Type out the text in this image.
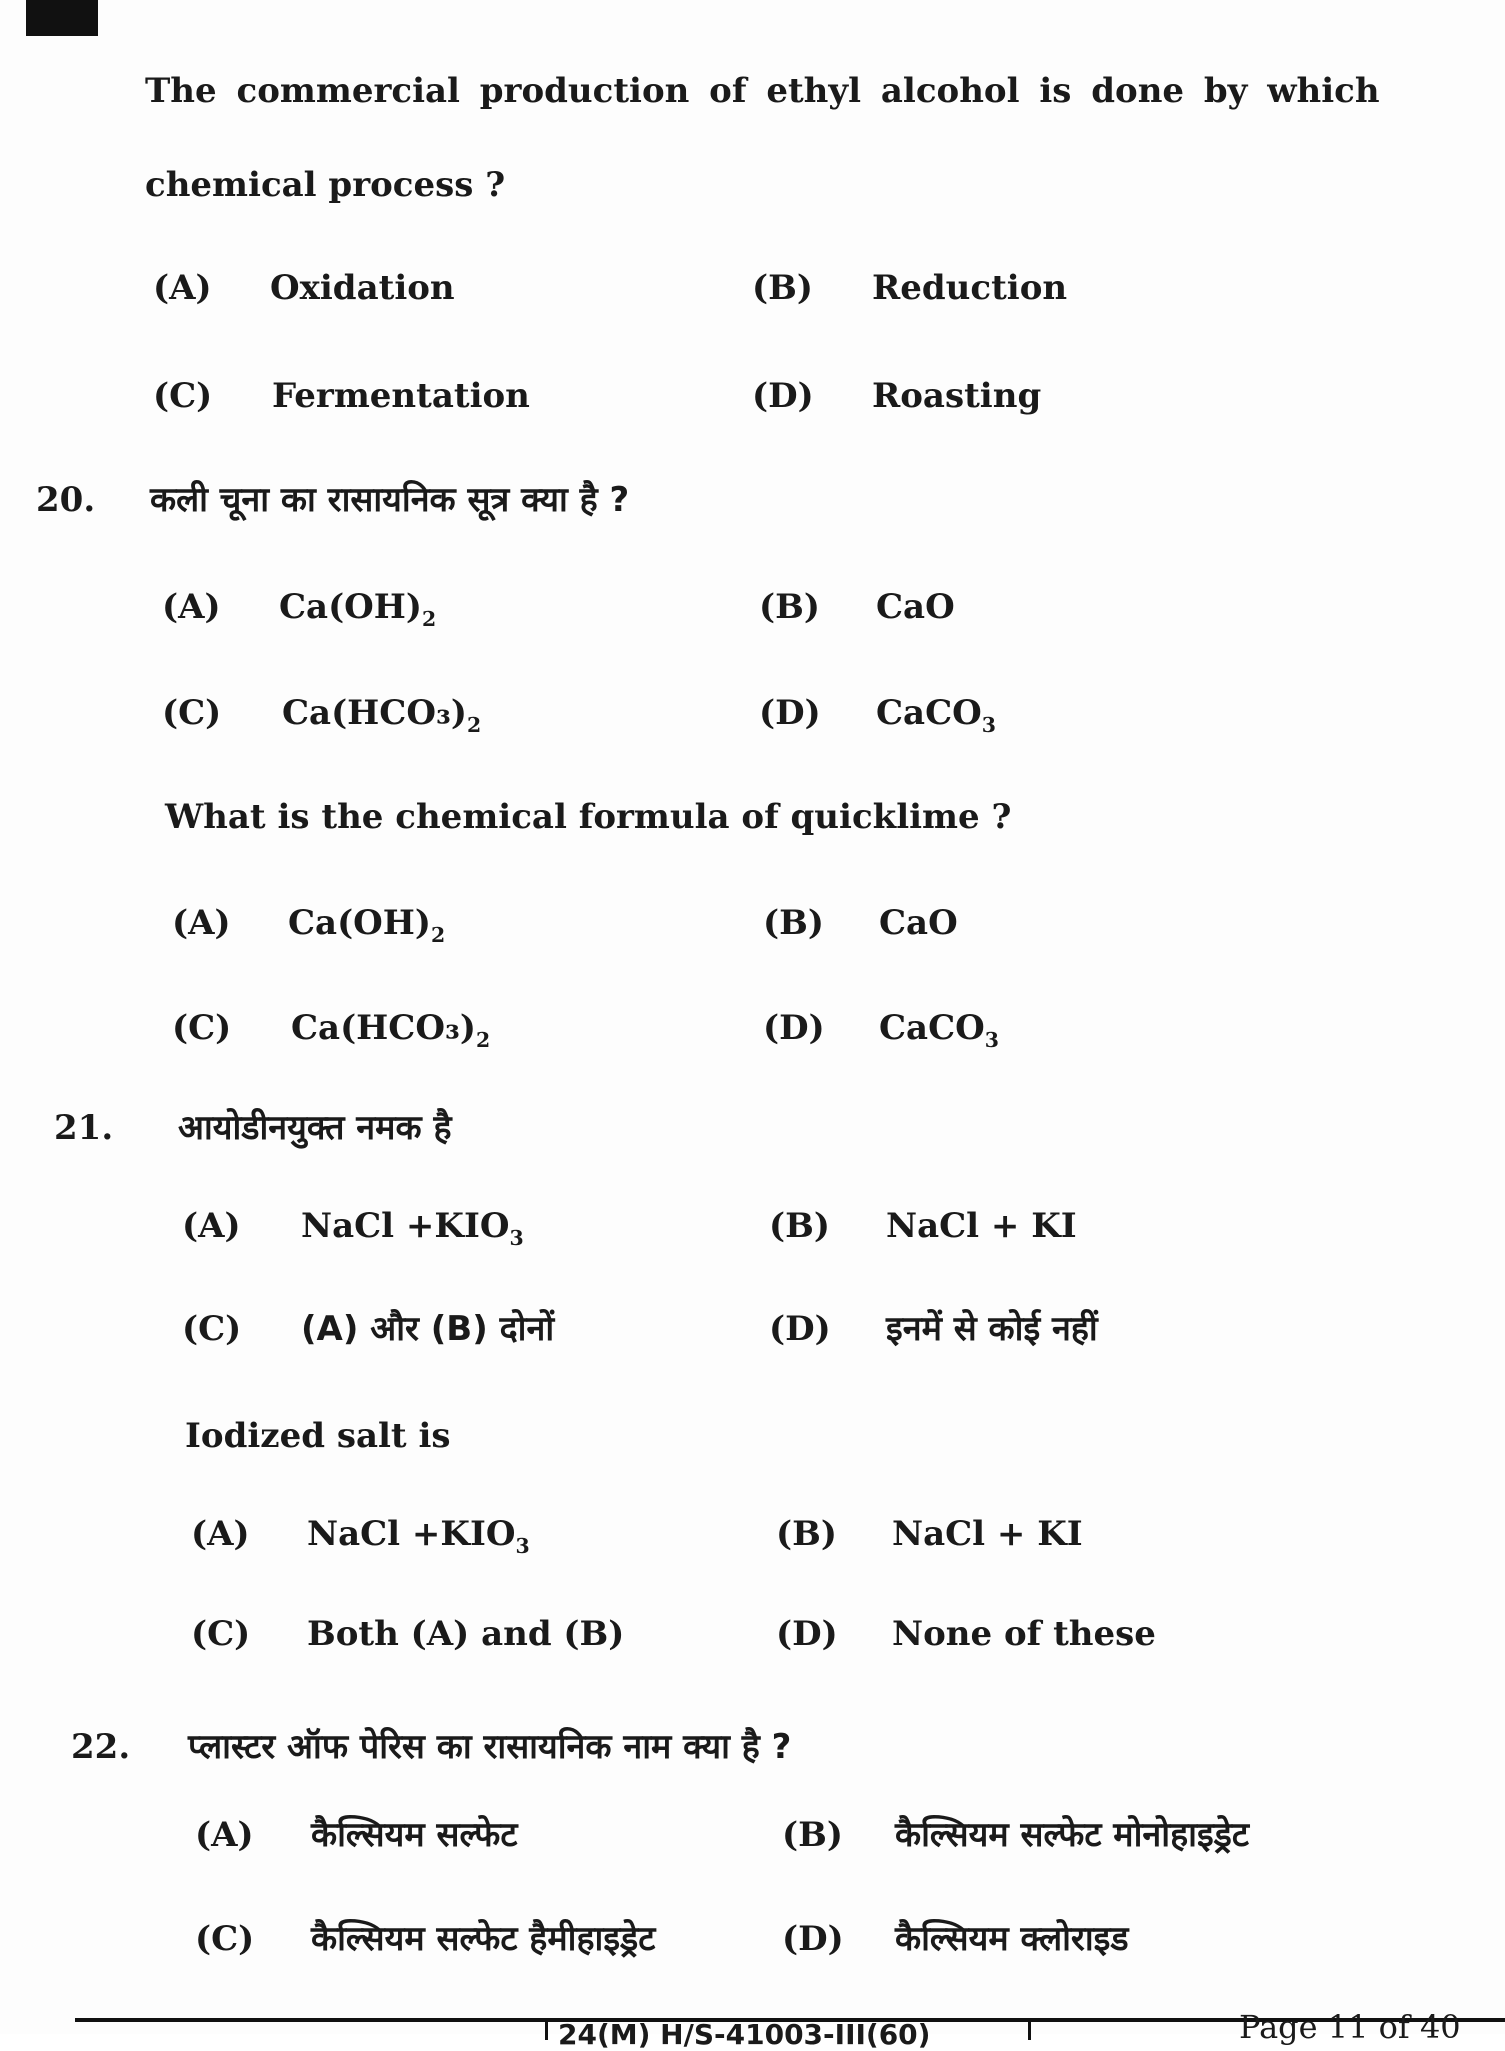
The commercial production of ethyl alcohol is done by which
chemical process ?
(A) Oxidation	(B) Reduction
(C) Fermentation	(D) Roasting
20. कली चूना का रासायनिक सूत्र क्या है ?
(A) $Ca(OH)_2$	(B) CaO
(C) $Ca(HCO_3)_2$	(D) CaCO$_3$
What is the chemical formula of quicklime ?
(A) $Ca(OH)_2$	(B) CaO
(C) $Ca(HCO_3)_2$	(D) CaCO$_3$
21. आयोडीनयुक्त नमक है
(A) NaCl $+KIO_3$	(B) NaCl + KI
(C) (A) और (B) दोनों	(D) इनमें से कोई नहीं
Iodized salt is
(A) NaCl $+KIO_3$	(B) NaCl + KI
(C) Both (A) and (B)	(D) None of these
22. प्लास्टर ऑफ पेरिस का रासायनिक नाम क्या है ?
(A) कैल्सियम सल्फेट	(B) कैल्सियम सल्फेट मोनोहाइड्रेट
(C) कैल्सियम सल्फेट हैमीहाइड्रेट	(D) कैल्सियम क्लोराइड
24(M) H/S-41003-III(60)	Page 11 of 40
